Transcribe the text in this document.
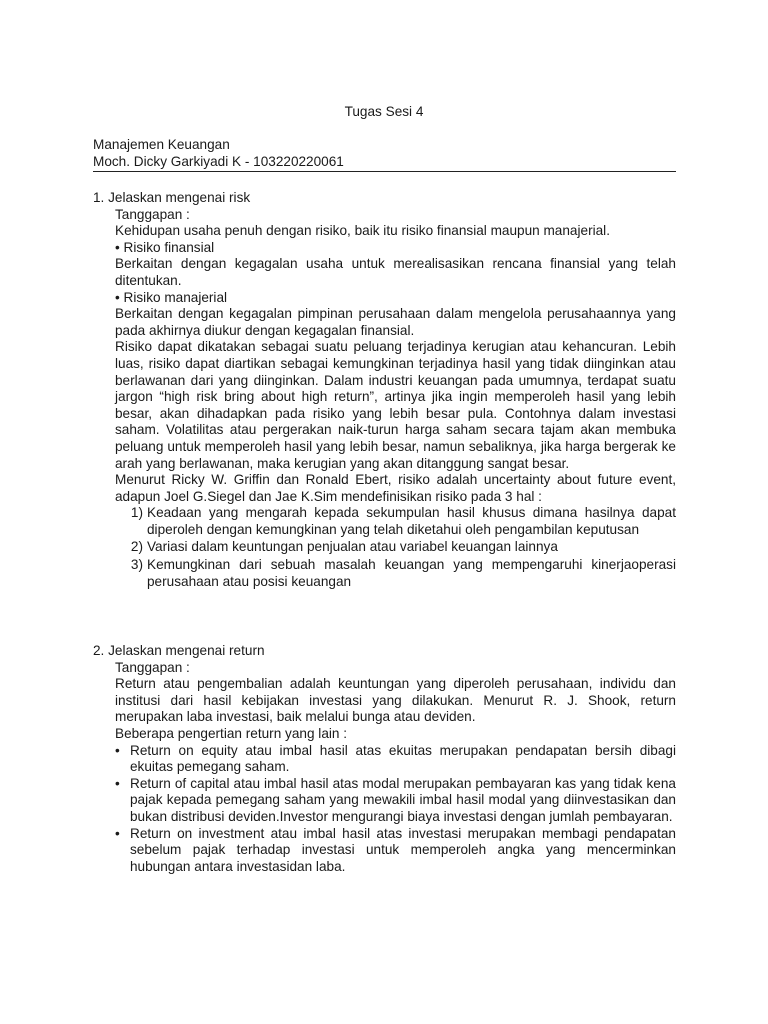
Tugas Sesi 4
Manajemen Keuangan
Moch. Dicky Garkiyadi K - 103220220061

1. Jelaskan mengenai risk

Tanggapan :

Kehidupan usaha penuh dengan risiko, baik itu risiko finansial maupun manajerial.

• Risiko finansial

Berkaitan dengan kegagalan usaha untuk merealisasikan rencana finansial yang telah ditentukan.

• Risiko manajerial

Berkaitan dengan kegagalan pimpinan perusahaan dalam mengelola perusahaannya yang pada akhirnya diukur dengan kegagalan finansial.

Risiko dapat dikatakan sebagai suatu peluang terjadinya kerugian atau kehancuran. Lebih luas, risiko dapat diartikan sebagai kemungkinan terjadinya hasil yang tidak diinginkan atau berlawanan dari yang diinginkan. Dalam industri keuangan pada umumnya, terdapat suatu jargon “high risk bring about high return”, artinya jika ingin memperoleh hasil yang lebih besar, akan dihadapkan pada risiko yang lebih besar pula. Contohnya dalam investasi saham. Volatilitas atau pergerakan naik-turun harga saham secara tajam akan membuka peluang untuk memperoleh hasil yang lebih besar, namun sebaliknya, jika harga bergerak ke arah yang berlawanan, maka kerugian yang akan ditanggung sangat besar.

Menurut Ricky W. Griffin dan Ronald Ebert, risiko adalah uncertainty about future event, adapun Joel G.Siegel dan Jae K.Sim mendefinisikan risiko pada 3 hal :

1) Keadaan yang mengarah kepada sekumpulan hasil khusus dimana hasilnya dapat diperoleh dengan kemungkinan yang telah diketahui oleh pengambilan keputusan
2) Variasi dalam keuntungan penjualan atau variabel keuangan lainnya
3) Kemungkinan dari sebuah masalah keuangan yang mempengaruhi kinerjaoperasi perusahaan atau posisi keuangan

2. Jelaskan mengenai return

Tanggapan :

Return atau pengembalian adalah keuntungan yang diperoleh perusahaan, individu dan institusi dari hasil kebijakan investasi yang dilakukan. Menurut R. J. Shook, return merupakan laba investasi, baik melalui bunga atau deviden.

Beberapa pengertian return yang lain :

• Return on equity atau imbal hasil atas ekuitas merupakan pendapatan bersih dibagi ekuitas pemegang saham.
• Return of capital atau imbal hasil atas modal merupakan pembayaran kas yang tidak kena pajak kepada pemegang saham yang mewakili imbal hasil modal yang diinvestasikan dan bukan distribusi deviden.Investor mengurangi biaya investasi dengan jumlah pembayaran.
• Return on investment atau imbal hasil atas investasi merupakan membagi pendapatan sebelum pajak terhadap investasi untuk memperoleh angka yang mencerminkan hubungan antara investasidan laba.
